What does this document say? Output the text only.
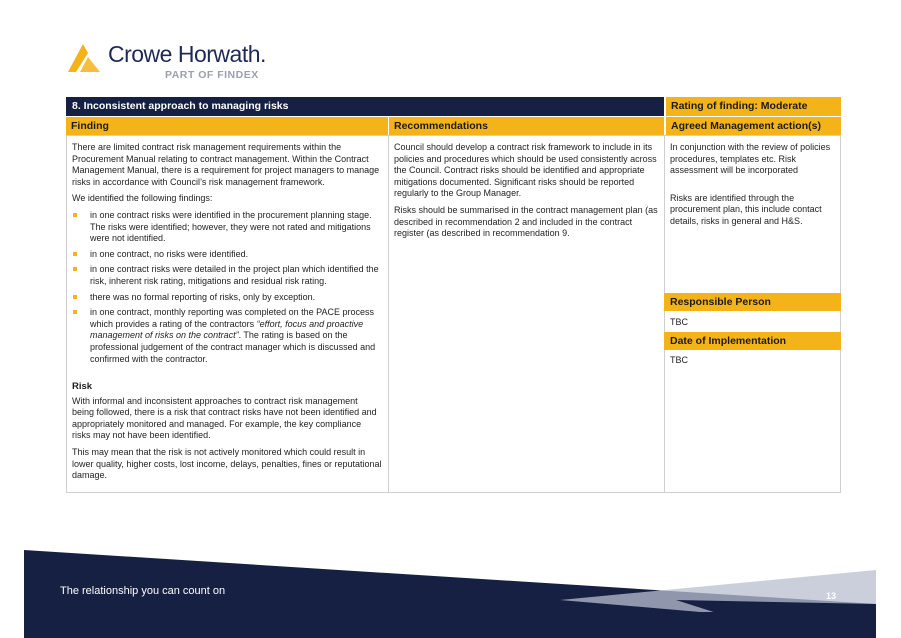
Crowe Horwath.
PART OF FINDEX
8. Inconsistent approach to managing risks	Rating of finding: Moderate
Finding	Recommendations	Agreed Management action(s)

There are limited contract risk management requirements within the Procurement Manual relating to contract management. Within the Contract Management Manual, there is a requirement for project managers to manage risks in accordance with Council’s risk management framework.

We identified the following findings:

in one contract risks were identified in the procurement planning stage. The risks were identified; however, they were not rated and mitigations were not identified.
in one contract, no risks were identified.
in one contract risks were detailed in the project plan which identified the risk, inherent risk rating, mitigations and residual risk rating.
there was no formal reporting of risks, only by exception.
in one contract, monthly reporting was completed on the PACE process which provides a rating of the contractors “effort, focus and proactive management of risks on the contract”. The rating is based on the professional judgement of the contract manager which is discussed and confirmed with the contractor.

Risk

With informal and inconsistent approaches to contract risk management being followed, there is a risk that contract risks have not been identified and appropriately monitored and managed. For example, the key compliance risks may not have been identified.

This may mean that the risk is not actively monitored which could result in lower quality, higher costs, lost income, delays, penalties, fines or reputational damage.

Council should develop a contract risk framework to include in its policies and procedures which should be used consistently across the Council. Contract risks should be identified and appropriate mitigations documented. Significant risks should be reported regularly to the Group Manager.

Risks should be summarised in the contract management plan (as described in recommendation 2 and included in the contract register (as described in recommendation 9.

In conjunction with the review of policies procedures, templates etc. Risk assessment will be incorporated

Risks are identified through the procurement plan, this include contact details, risks in general and H&S.

Responsible Person
TBC
Date of Implementation
TBC
The relationship you can count on	13
